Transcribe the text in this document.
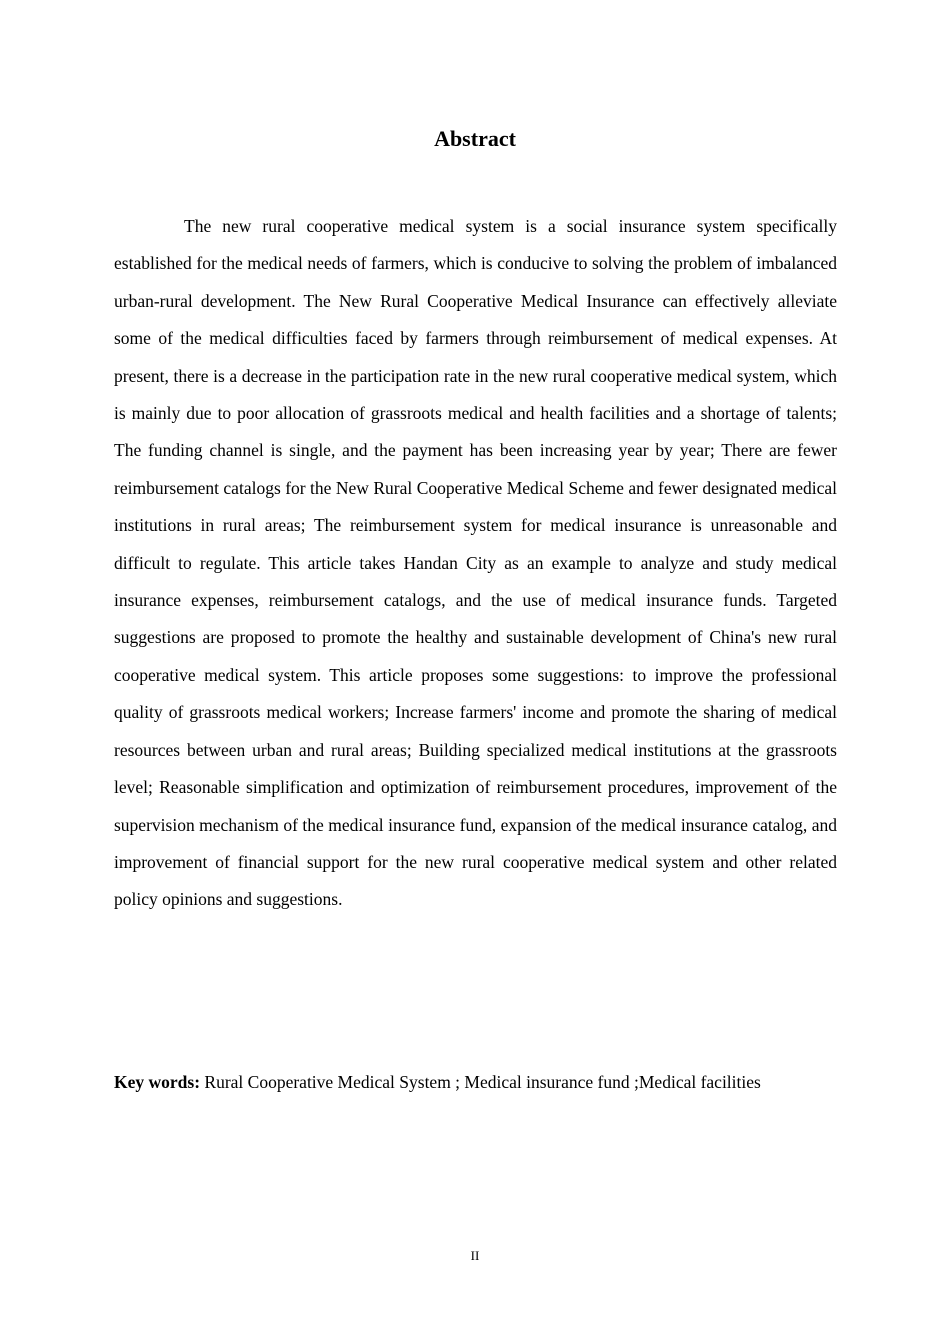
Abstract

The new rural cooperative medical system is a social insurance system specifically established for the medical needs of farmers, which is conducive to solving the problem of imbalanced urban-rural development. The New Rural Cooperative Medical Insurance can effectively alleviate some of the medical difficulties faced by farmers through reimbursement of medical expenses. At present, there is a decrease in the participation rate in the new rural cooperative medical system, which is mainly due to poor allocation of grassroots medical and health facilities and a shortage of talents; The funding channel is single, and the payment has been increasing year by year; There are fewer reimbursement catalogs for the New Rural Cooperative Medical Scheme and fewer designated medical institutions in rural areas; The reimbursement system for medical insurance is unreasonable and difficult to regulate. This article takes Handan City as an example to analyze and study medical insurance expenses, reimbursement catalogs, and the use of medical insurance funds. Targeted suggestions are proposed to promote the healthy and sustainable development of China's new rural cooperative medical system. This article proposes some suggestions: to improve the professional quality of grassroots medical workers; Increase farmers' income and promote the sharing of medical resources between urban and rural areas; Building specialized medical institutions at the grassroots level; Reasonable simplification and optimization of reimbursement procedures, improvement of the supervision mechanism of the medical insurance fund, expansion of the medical insurance catalog, and improvement of financial support for the new rural cooperative medical system and other related policy opinions and suggestions.

Key words: Rural Cooperative Medical System ; Medical insurance fund ;Medical facilities

II
